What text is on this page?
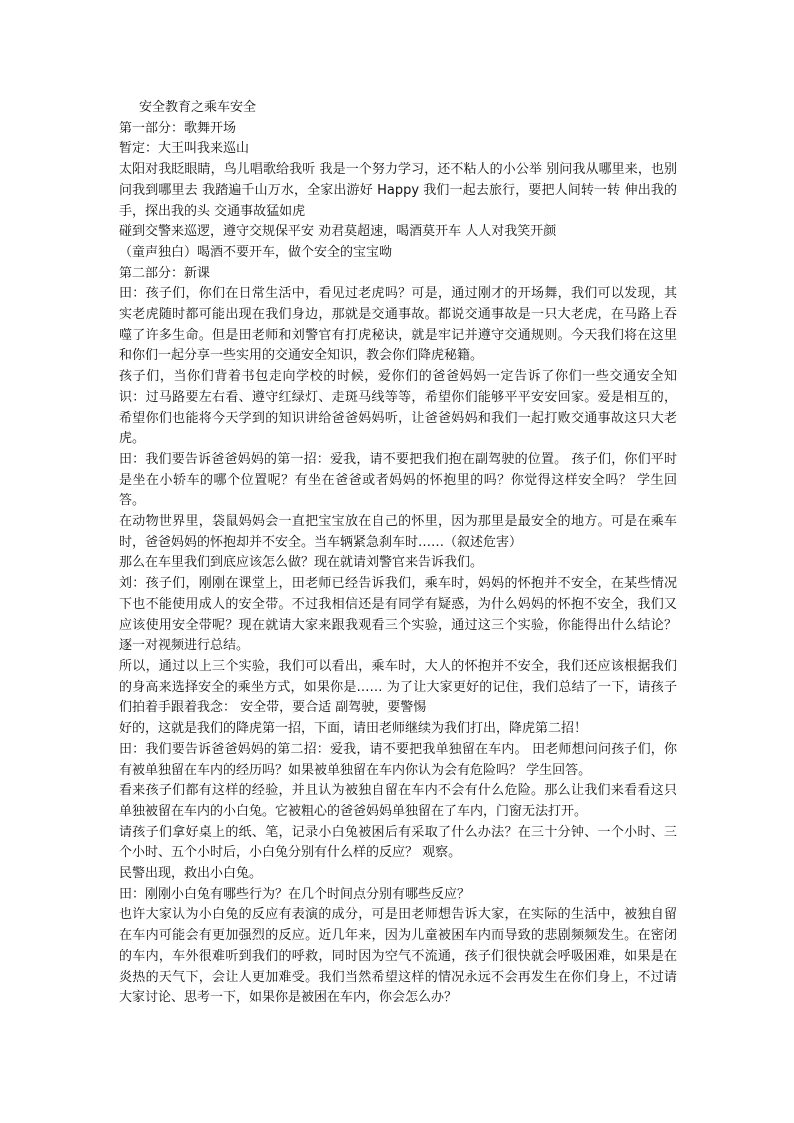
安全教育之乘车安全

第一部分：歌舞开场

暂定：大王叫我来巡山

太阳对我眨眼睛，鸟儿唱歌给我听 我是一个努力学习，还不粘人的小公举 别问我从哪里来，也别问我到哪里去 我踏遍千山万水，全家出游好 Happy 我们一起去旅行，要把人间转一转 伸出我的手，探出我的头 交通事故猛如虎

碰到交警来巡逻，遵守交规保平安 劝君莫超速，喝酒莫开车 人人对我笑开颜

（童声独白）喝酒不要开车，做个安全的宝宝呦

第二部分：新课

田：孩子们，你们在日常生活中，看见过老虎吗？可是，通过刚才的开场舞，我们可以发现，其实老虎随时都可能出现在我们身边，那就是交通事故。都说交通事故是一只大老虎，在马路上吞噬了许多生命。但是田老师和刘警官有打虎秘诀，就是牢记并遵守交通规则。今天我们将在这里和你们一起分享一些实用的交通安全知识，教会你们降虎秘籍。

孩子们，当你们背着书包走向学校的时候，爱你们的爸爸妈妈一定告诉了你们一些交通安全知识：过马路要左右看、遵守红绿灯、走斑马线等等，希望你们能够平平安安回家。爱是相互的，希望你们也能将今天学到的知识讲给爸爸妈妈听，让爸爸妈妈和我们一起打败交通事故这只大老虎。

田：我们要告诉爸爸妈妈的第一招：爱我，请不要把我们抱在副驾驶的位置。 孩子们，你们平时是坐在小轿车的哪个位置呢？有坐在爸爸或者妈妈的怀抱里的吗？你觉得这样安全吗？ 学生回答。

在动物世界里，袋鼠妈妈会一直把宝宝放在自己的怀里，因为那里是最安全的地方。可是在乘车时，爸爸妈妈的怀抱却并不安全。当车辆紧急刹车时……（叙述危害）

那么在车里我们到底应该怎么做？现在就请刘警官来告诉我们。

刘：孩子们，刚刚在课堂上，田老师已经告诉我们，乘车时，妈妈的怀抱并不安全，在某些情况下也不能使用成人的安全带。不过我相信还是有同学有疑惑，为什么妈妈的怀抱不安全，我们又应该使用安全带呢？现在就请大家来跟我观看三个实验，通过这三个实验，你能得出什么结论？ 逐一对视频进行总结。

所以，通过以上三个实验，我们可以看出，乘车时，大人的怀抱并不安全，我们还应该根据我们的身高来选择安全的乘坐方式，如果你是…… 为了让大家更好的记住，我们总结了一下，请孩子们拍着手跟着我念： 安全带，要合适 副驾驶，要警惕

好的，这就是我们的降虎第一招，下面，请田老师继续为我们打出，降虎第二招！

田：我们要告诉爸爸妈妈的第二招：爱我，请不要把我单独留在车内。 田老师想问问孩子们，你有被单独留在车内的经历吗？如果被单独留在车内你认为会有危险吗？ 学生回答。

看来孩子们都有这样的经验，并且认为被独自留在车内不会有什么危险。那么让我们来看看这只单独被留在车内的小白兔。它被粗心的爸爸妈妈单独留在了车内，门窗无法打开。

请孩子们拿好桌上的纸、笔，记录小白兔被困后有采取了什么办法？在三十分钟、一个小时、三个小时、五个小时后，小白兔分别有什么样的反应？ 观察。

民警出现，救出小白兔。

田：刚刚小白兔有哪些行为？在几个时间点分别有哪些反应？

也许大家认为小白兔的反应有表演的成分，可是田老师想告诉大家，在实际的生活中，被独自留在车内可能会有更加强烈的反应。近几年来，因为儿童被困车内而导致的悲剧频频发生。在密闭的车内，车外很难听到我们的呼救，同时因为空气不流通，孩子们很快就会呼吸困难，如果是在炎热的天气下，会让人更加难受。我们当然希望这样的情况永远不会再发生在你们身上，不过请大家讨论、思考一下，如果你是被困在车内，你会怎么办？
